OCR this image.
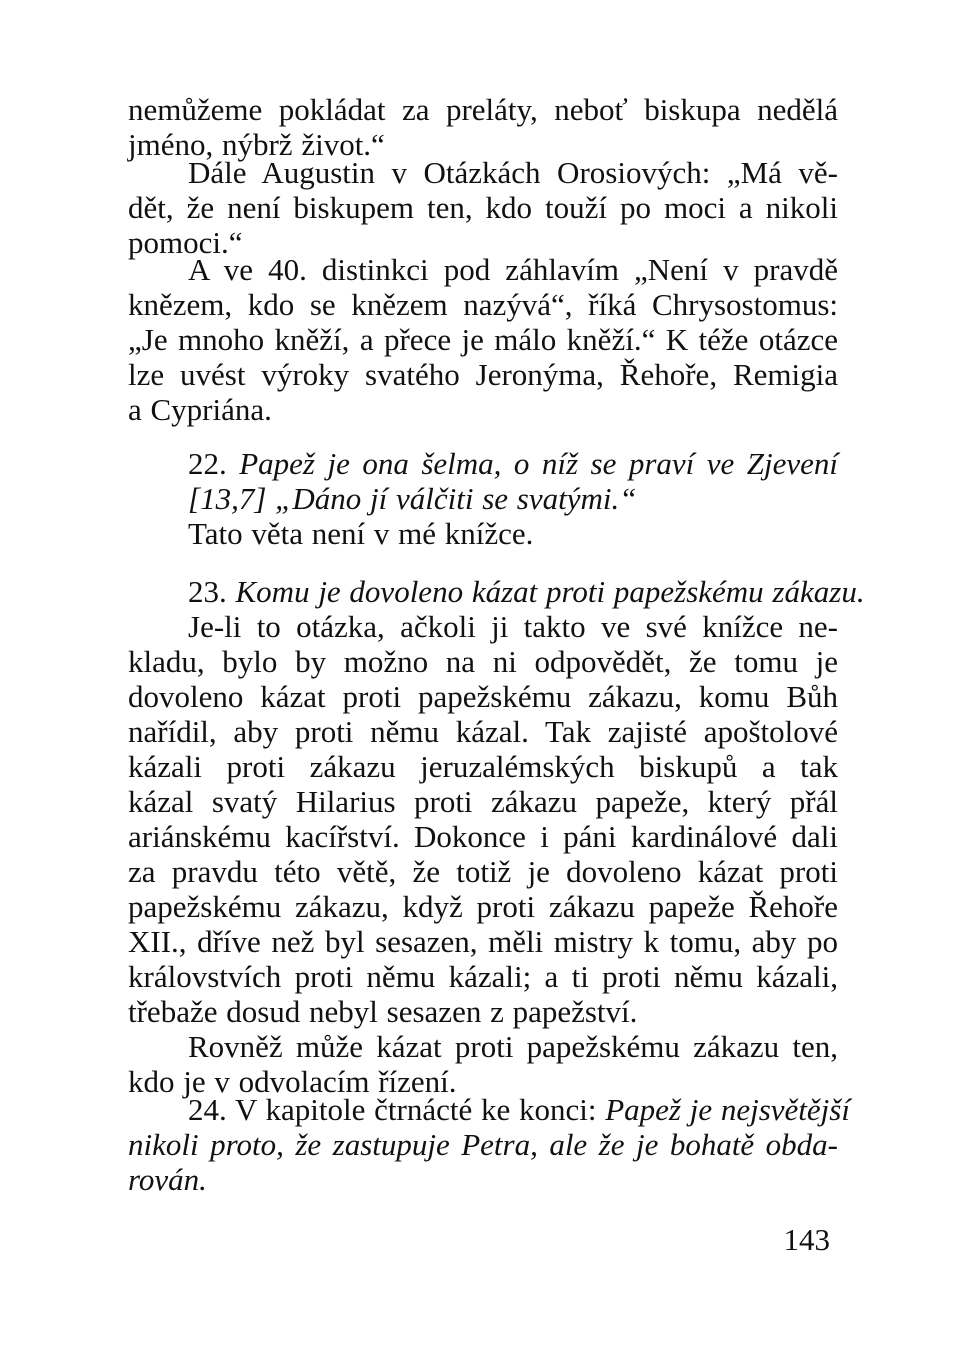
nemůžeme pokládat za preláty, neboť biskupa nedělá
jméno, nýbrž život.“
Dále Augustin v Otázkách Orosiových: „Má vě-
dět, že není biskupem ten, kdo touží po moci a nikoli
pomoci.“
A ve 40. distinkci pod záhlavím „Není v pravdě
knězem, kdo se knězem nazývá“, říká Chrysostomus:
„Je mnoho kněží, a přece je málo kněží.“ K téže otázce
lze uvést výroky svatého Jeronýma, Řehoře, Remigia
a Cypriána.
22. Papež je ona šelma, o níž se praví ve Zjevení
[13,7] „Dáno jí válčiti se svatými.“
Tato věta není v mé knížce.
23. Komu je dovoleno kázat proti papežskému zákazu.
Je-li to otázka, ačkoli ji takto ve své knížce ne-
kladu, bylo by možno na ni odpovědět, že tomu je
dovoleno kázat proti papežskému zákazu, komu Bůh
nařídil, aby proti němu kázal. Tak zajisté apoštolové
kázali proti zákazu jeruzalémských biskupů a tak
kázal svatý Hilarius proti zákazu papeže, který přál
ariánskému kacířství. Dokonce i páni kardinálové dali
za pravdu této větě, že totiž je dovoleno kázat proti
papežskému zákazu, když proti zákazu papeže Řehoře
XII., dříve než byl sesazen, měli mistry k tomu, aby po
královstvích proti němu kázali; a ti proti němu kázali,
třebaže dosud nebyl sesazen z papežství.
Rovněž může kázat proti papežskému zákazu ten,
kdo je v odvolacím řízení.
24. V kapitole čtrnácté ke konci: Papež je nejsvětější
nikoli proto, že zastupuje Petra, ale že je bohatě obda-
rován.
143
